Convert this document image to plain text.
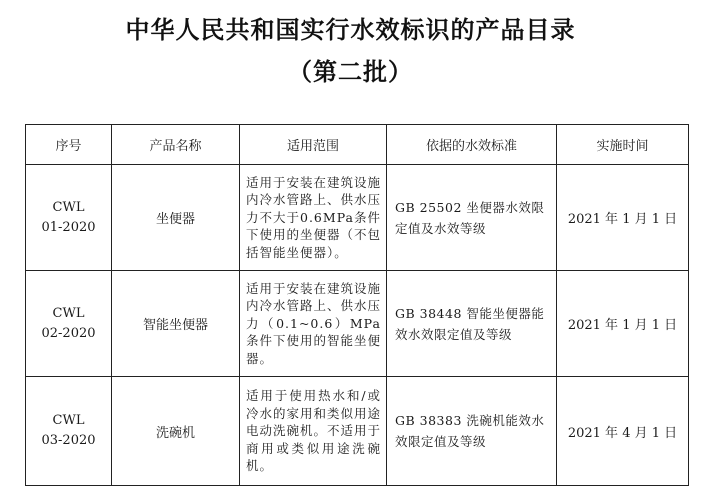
中华人民共和国实行水效标识的产品目录
（第二批）
序号	产品名称	适用范围	依据的水效标准	实施时间

CWL
01-2020	坐便器	适用于安装在建筑设施内冷水管路上、供水压力不大于0.6MPa条件下使用的坐便器（不包括智能坐便器）。	GB 25502 坐便器水效限定值及水效等级	2021 年 1 月 1 日

CWL
02-2020	智能坐便器	适用于安装在建筑设施内冷水管路上、供水压力（0.1~0.6）MPa条件下使用的智能坐便器。	GB 38448 智能坐便器能效水效限定值及等级	2021 年 1 月 1 日

CWL
03-2020	洗碗机	适用于使用热水和/或冷水的家用和类似用途电动洗碗机。不适用于商用或类似用途洗碗机。	GB 38383 洗碗机能效水效限定值及等级	2021 年 4 月 1 日
